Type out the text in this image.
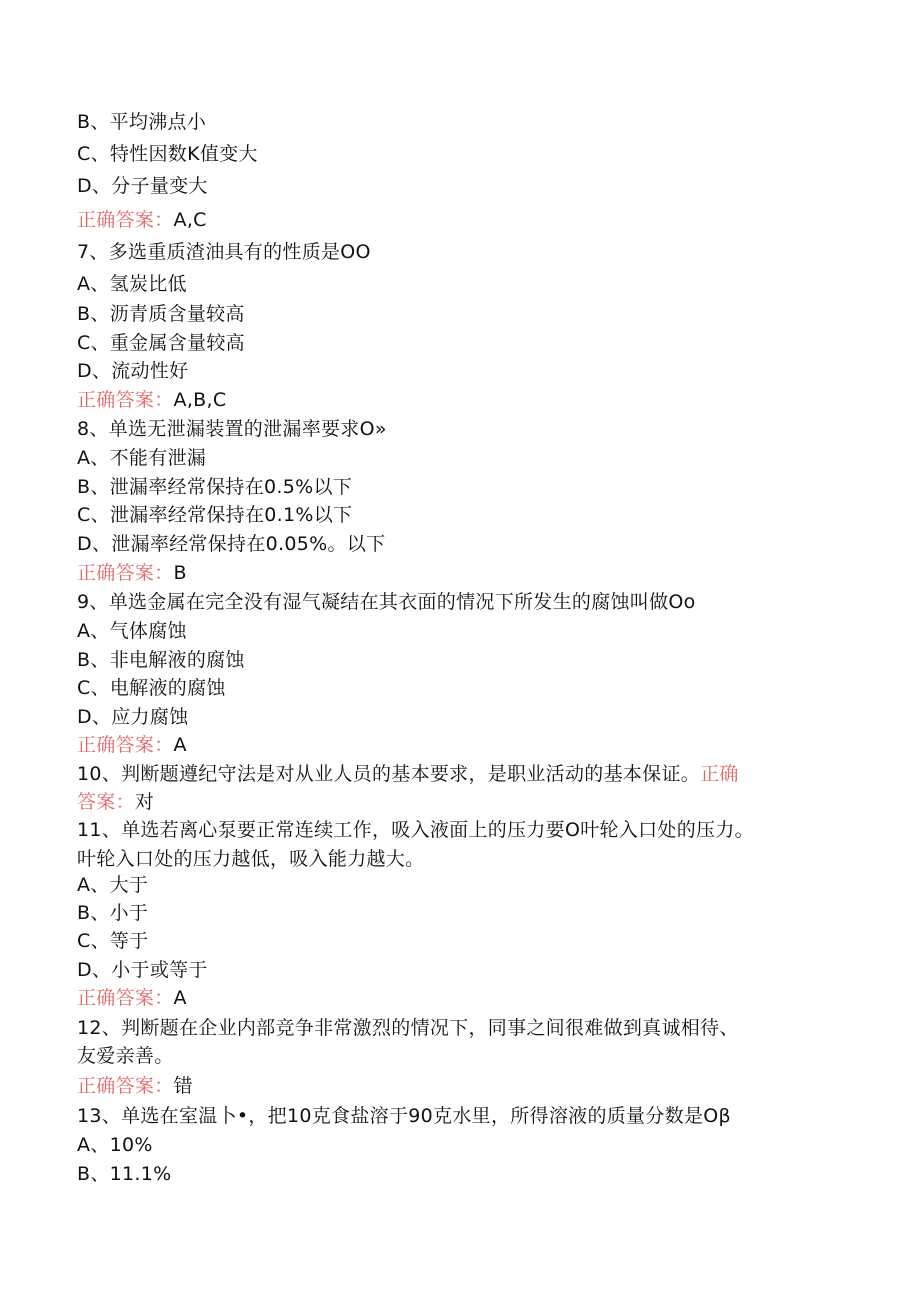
B、平均沸点小
C、特性因数K值变大
D、分子量变大
正确答案：A,C
7、多选重质渣油具有的性质是OO
A、氢炭比低
B、沥青质含量较高
C、重金属含量较高
D、流动性好
正确答案：A,B,C
8、单选无泄漏装置的泄漏率要求O»
A、不能有泄漏
B、泄漏率经常保持在0.5%以下
C、泄漏率经常保持在0.1%以下
D、泄漏率经常保持在0.05%。以下
正确答案：B
9、单选金属在完全没有湿气凝结在其衣面的情况下所发生的腐蚀叫做Oo
A、气体腐蚀
B、非电解液的腐蚀
C、电解液的腐蚀
D、应力腐蚀
正确答案：A
10、判断题遵纪守法是对从业人员的基本要求，是职业活动的基本保证。正确
答案：对
11、单选若离心泵要正常连续工作，吸入液面上的压力要O叶轮入口处的压力。
叶轮入口处的压力越低，吸入能力越大。
A、大于
B、小于
C、等于
D、小于或等于
正确答案：A
12、判断题在企业内部竞争非常激烈的情况下，同事之间很难做到真诚相待、
友爱亲善。
正确答案：错
13、单选在室温卜•，把10克食盐溶于90克水里，所得溶液的质量分数是Oβ
A、10%
B、11.1%
